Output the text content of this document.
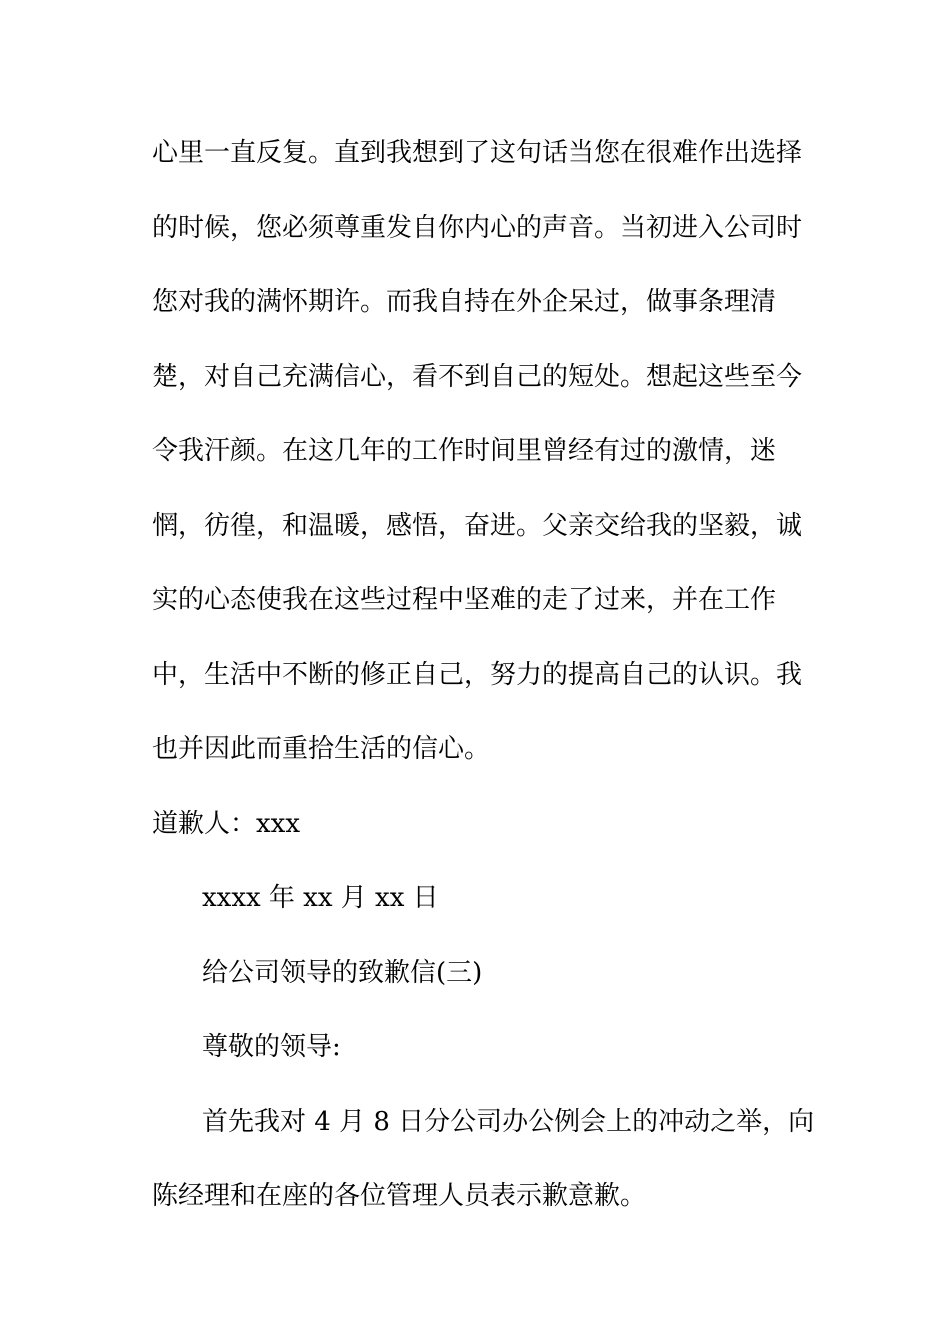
心里一直反复。直到我想到了这句话当您在很难作出选择
的时候，您必须尊重发自你内心的声音。当初进入公司时
您对我的满怀期许。而我自持在外企呆过，做事条理清
楚，对自己充满信心，看不到自己的短处。想起这些至今
令我汗颜。在这几年的工作时间里曾经有过的激情，迷
惘，彷徨，和温暖，感悟，奋进。父亲交给我的坚毅，诚
实的心态使我在这些过程中坚难的走了过来，并在工作
中，生活中不断的修正自己，努力的提高自己的认识。我
也并因此而重拾生活的信心。
道歉人：xxx
xxxx 年 xx 月 xx 日
给公司领导的致歉信(三)
尊敬的领导:
首先我对 4 月 8 日分公司办公例会上的冲动之举，向
陈经理和在座的各位管理人员表示歉意歉。
